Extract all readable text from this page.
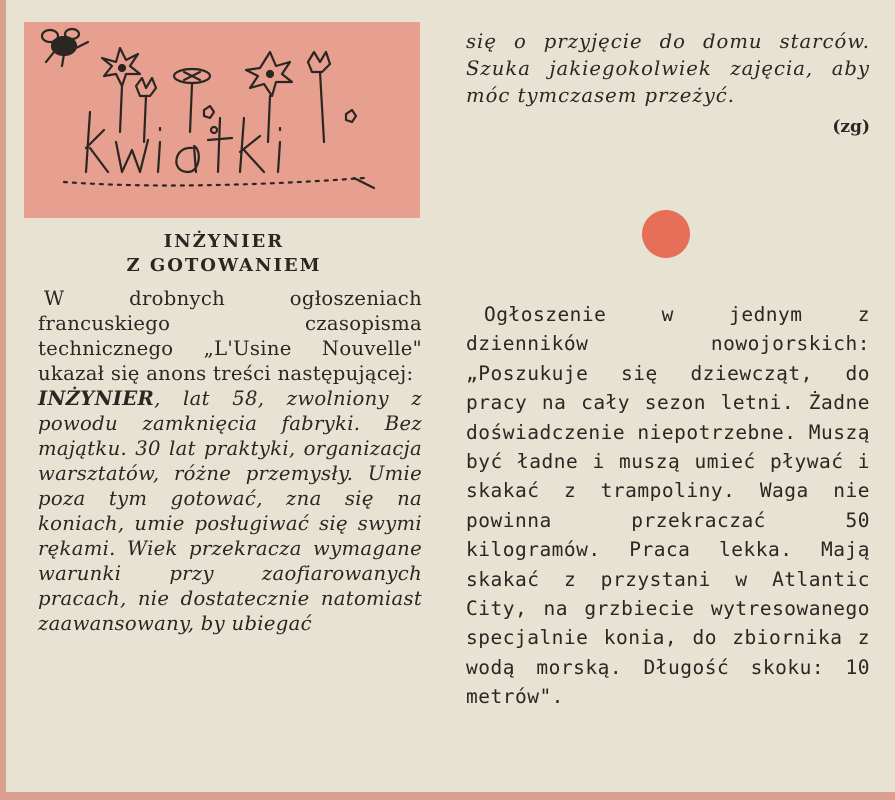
INŻYNIER
Z GOTOWANIEM
W drobnych ogłoszeniach francuskiego czasopisma technicznego „L'Usine Nouvelle" ukazał się anons treści następującej:
INŻYNIER, lat 58, zwolniony z powodu zamknięcia fabryki. Bez majątku. 30 lat praktyki, organizacja warsztatów, różne przemysły. Umie poza tym gotować, zna się na koniach, umie posługiwać się swymi rękami. Wiek przekracza wymagane warunki przy zaofiarowanych pracach, nie dostatecznie natomiast zaawansowany, by ubiegać
się o przyjęcie do domu starców. Szuka jakiegokolwiek zajęcia, aby móc tymczasem przeżyć.
(zg)
Ogłoszenie w jednym z dzienników nowojorskich: „Poszukuje się dziewcząt, do pracy na cały sezon letni. Żadne doświadczenie niepotrzebne. Muszą być ładne i muszą umieć pływać i skakać z trampoliny. Waga nie powinna przekraczać 50 kilogramów. Praca lekka. Mają skakać z przystani w Atlantic City, na grzbiecie wytresowanego specjalnie konia, do zbiornika z wodą morską. Długość skoku: 10 metrów".
